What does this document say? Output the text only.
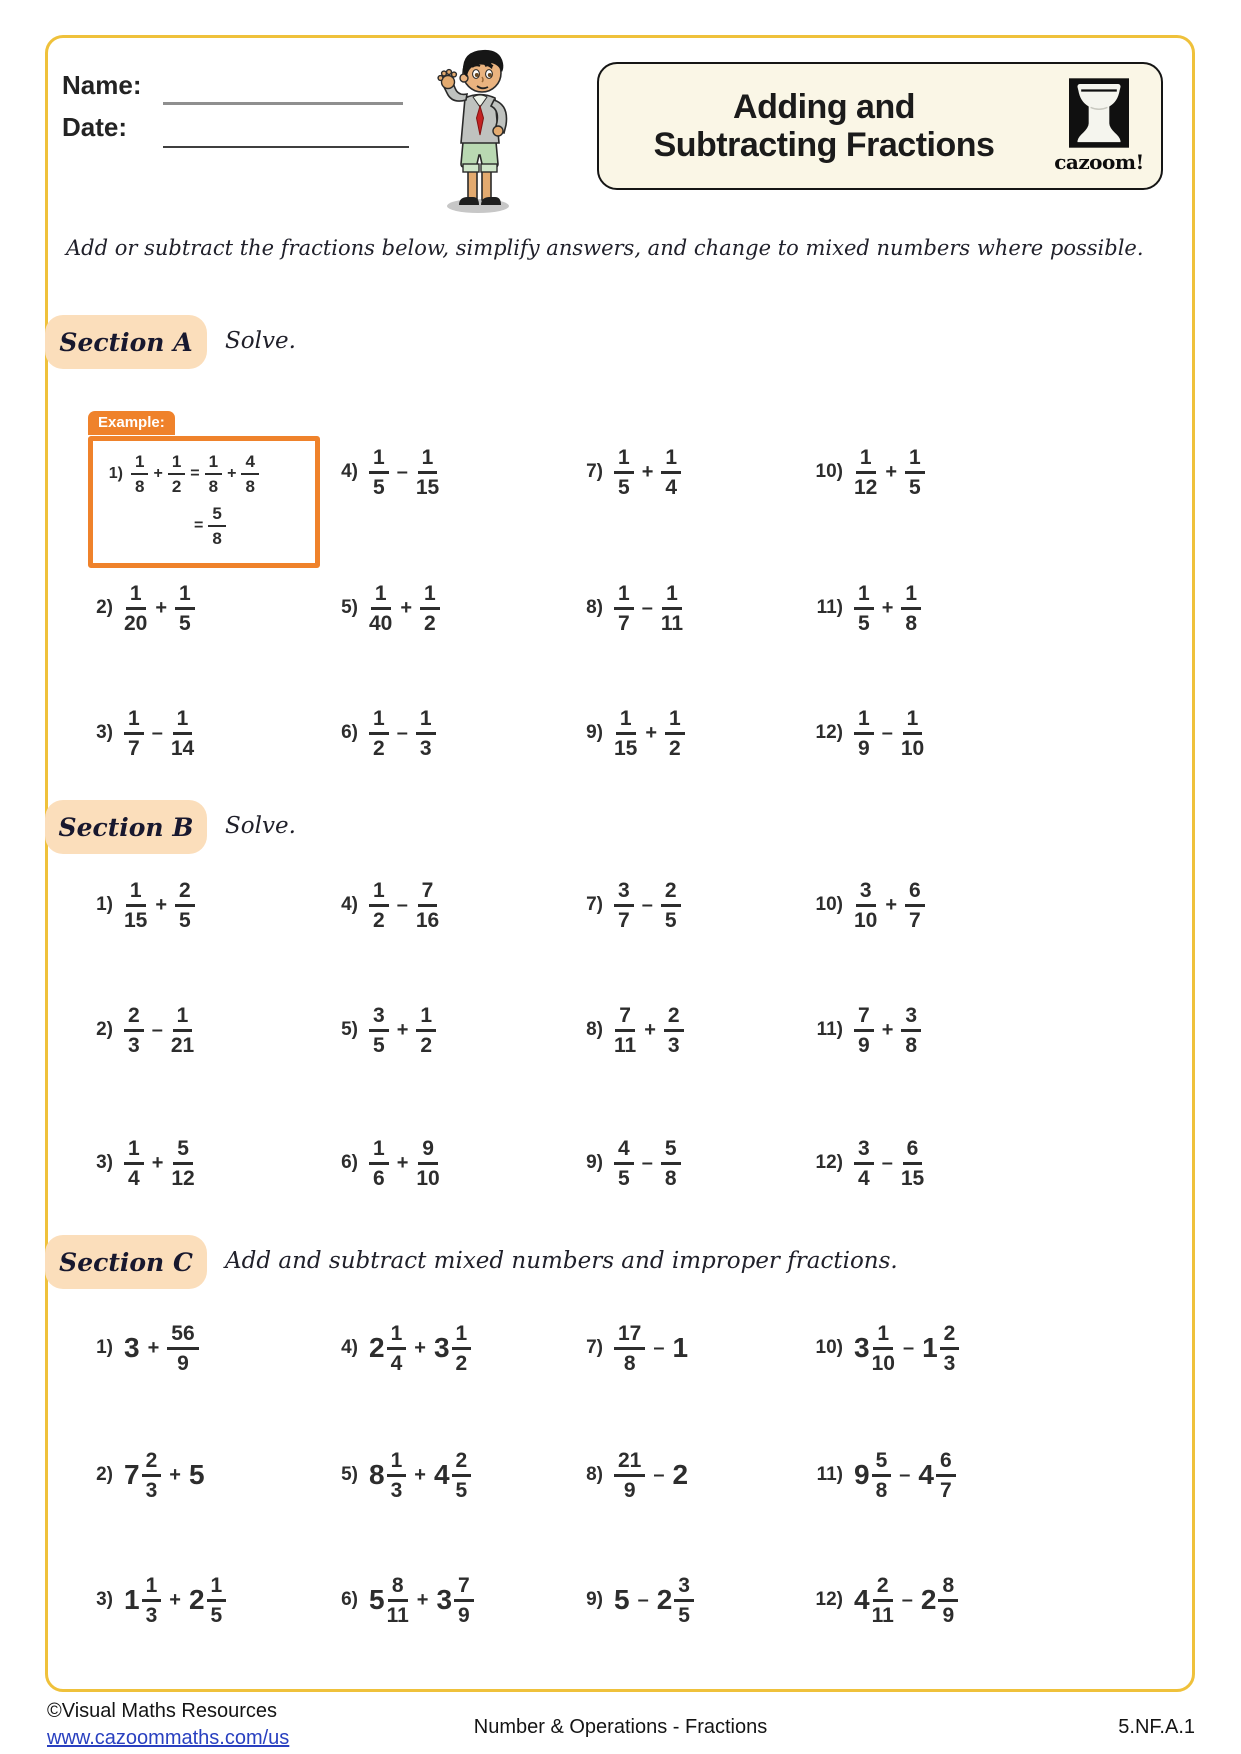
Name:
Date:
Adding and
Subtracting Fractions	cazoom!
Add or subtract the fractions below, simplify answers, and change to mixed numbers where possible.
Section A	Solve.
Example:
$1) \frac{1}{8} + \frac{1}{2} = \frac{1}{8} + \frac{4}{8}$
= $\frac{5}{8}$
$2) \frac{1}{20} + \frac{1}{5}$
$3) \frac{1}{7} - \frac{1}{14}$
$4) \frac{1}{5} - \frac{1}{15}$
$5) \frac{1}{40} + \frac{1}{2}$
$6) \frac{1}{2} - \frac{1}{3}$
$7) \frac{1}{5} + \frac{1}{4}$
$8) \frac{1}{7} - \frac{1}{11}$
$9) \frac{1}{15} + \frac{1}{2}$
$10) \frac{1}{12} + \frac{1}{5}$
$11) \frac{1}{5} + \frac{1}{8}$
$12) \frac{1}{9} - \frac{1}{10}$
Section B	Solve.
$1) \frac{1}{15} + \frac{2}{5}$
$2) \frac{2}{3} - \frac{1}{21}$
$3) \frac{1}{4} + \frac{5}{12}$
$4) \frac{1}{2} - \frac{7}{16}$
$5) \frac{3}{5} + \frac{1}{2}$
$6) \frac{1}{6} + \frac{9}{10}$
$7) \frac{3}{7} - \frac{2}{5}$
$8) \frac{7}{11} + \frac{2}{3}$
$9) \frac{4}{5} - \frac{5}{8}$
$10) \frac{3}{10} + \frac{6}{7}$
$11) \frac{7}{9} + \frac{3}{8}$
$12) \frac{3}{4} - \frac{6}{15}$
Section C	Add and subtract mixed numbers and improper fractions.
1) $3 + \frac{56}{9}$
2) $7 \frac{2}{3} + 5$
3) $1 \frac{1}{3} + 2 \frac{1}{5}$
4) $2 \frac{1}{4} + 3 \frac{1}{2}$
5) $8 \frac{1}{3} + 4 \frac{2}{5}$
6) $5 \frac{8}{11} + 3 \frac{7}{9}$
$7) \frac{17}{8} - 1$
$8) \frac{21}{9} - 2$
9) $5 - 2 \frac{3}{5}$
10) $3 \frac{1}{10} - 1 \frac{2}{3}$
11) $9 \frac{5}{8} - 4 \frac{6}{7}$
12) $4 \frac{2}{11} - 2 \frac{8}{9}$
©Visual Maths Resources
www.cazoommaths.com/us	Number & Operations - Fractions	5.NF.A.1
